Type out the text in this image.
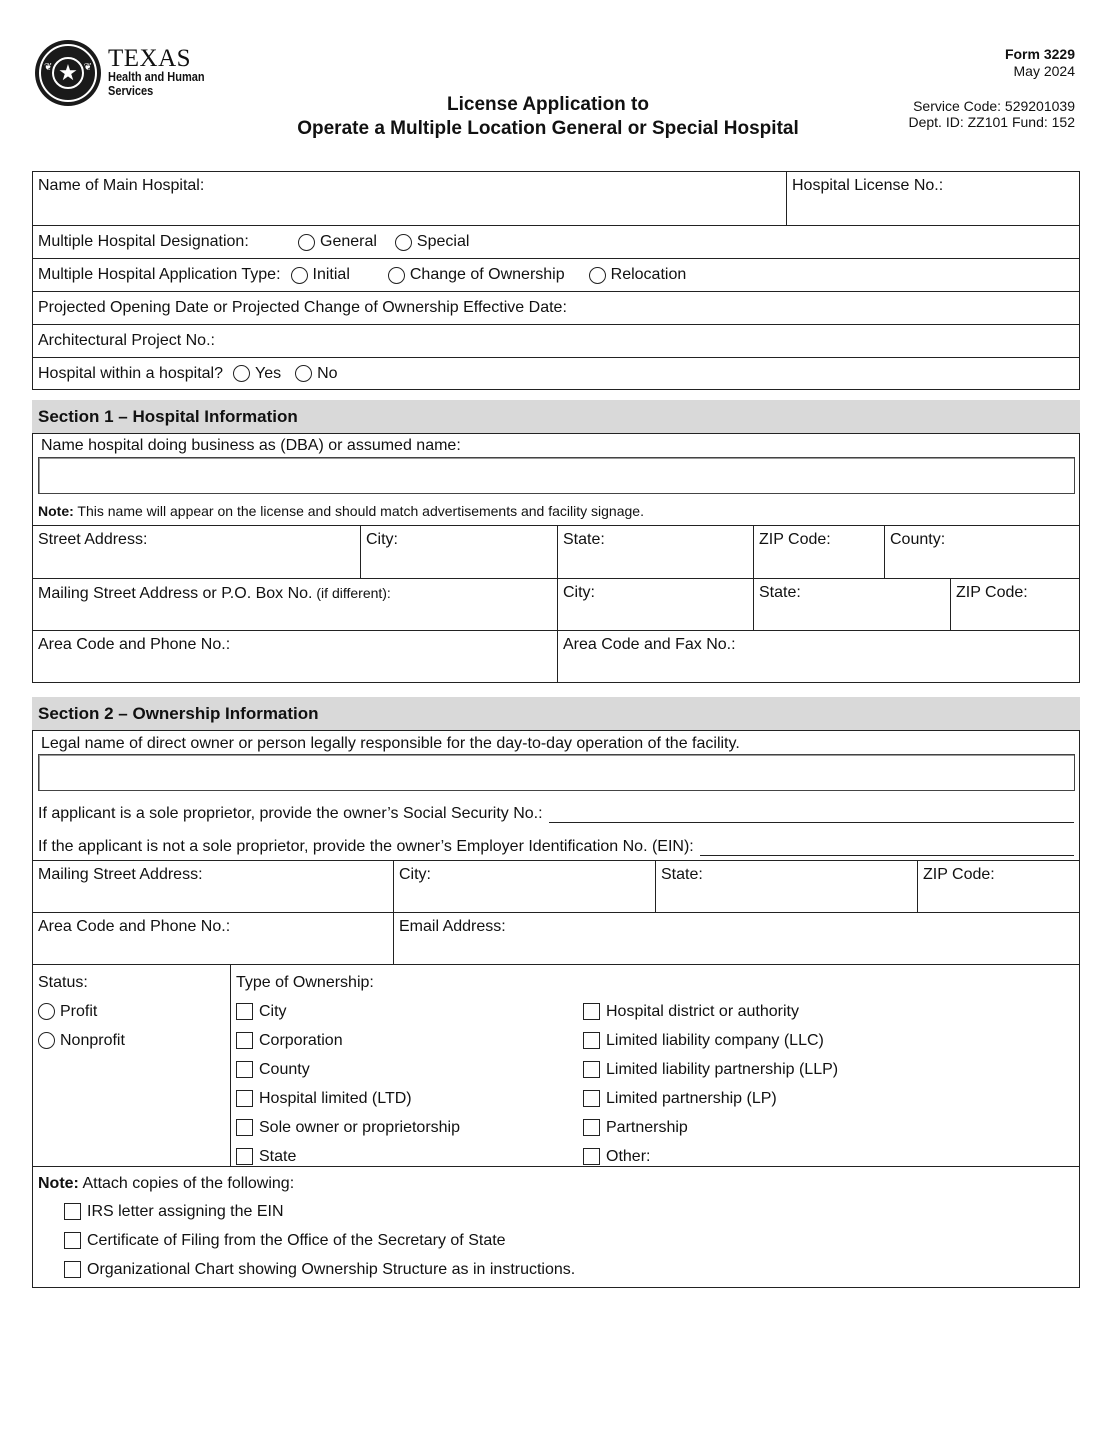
❦	❦
★
TEXAS
Health and Human
Services
License Application to
Operate a Multiple Location General or Special Hospital
Form 3229
May 2024
Service Code: 529201039
Dept. ID: ZZ101 Fund: 152
Name of Main Hospital:	Hospital License No.:
Multiple Hospital Designation:	General	Special
Multiple Hospital Application Type: Initial	Change of Ownership	Relocation
Projected Opening Date or Projected Change of Ownership Effective Date:
Architectural Project No.:
Hospital within a hospital? Yes No
Section 1 – Hospital Information
Name hospital doing business as (DBA) or assumed name:
Note: This name will appear on the license and should match advertisements and facility signage.
Street Address:	City:	State:	ZIP Code:	County:
Mailing Street Address or P.O. Box No. (if different):	City:	State:	ZIP Code:
Area Code and Phone No.:	Area Code and Fax No.:
Section 2 – Ownership Information
Legal name of direct owner or person legally responsible for the day-to-day operation of the facility.
If applicant is a sole proprietor, provide the owner’s Social Security No.:
If the applicant is not a sole proprietor, provide the owner’s Employer Identification No. (EIN):
Mailing Street Address:	City:	State:	ZIP Code:
Area Code and Phone No.:	Email Address:
Status:
Profit
Nonprofit
Type of Ownership:
City	Hospital district or authority
Corporation	Limited liability company (LLC)
County	Limited liability partnership (LLP)
Hospital limited (LTD)	Limited partnership (LP)
Sole owner or proprietorship	Partnership
State	Other:
Note: Attach copies of the following:
IRS letter assigning the EIN
Certificate of Filing from the Office of the Secretary of State
Organizational Chart showing Ownership Structure as in instructions.
